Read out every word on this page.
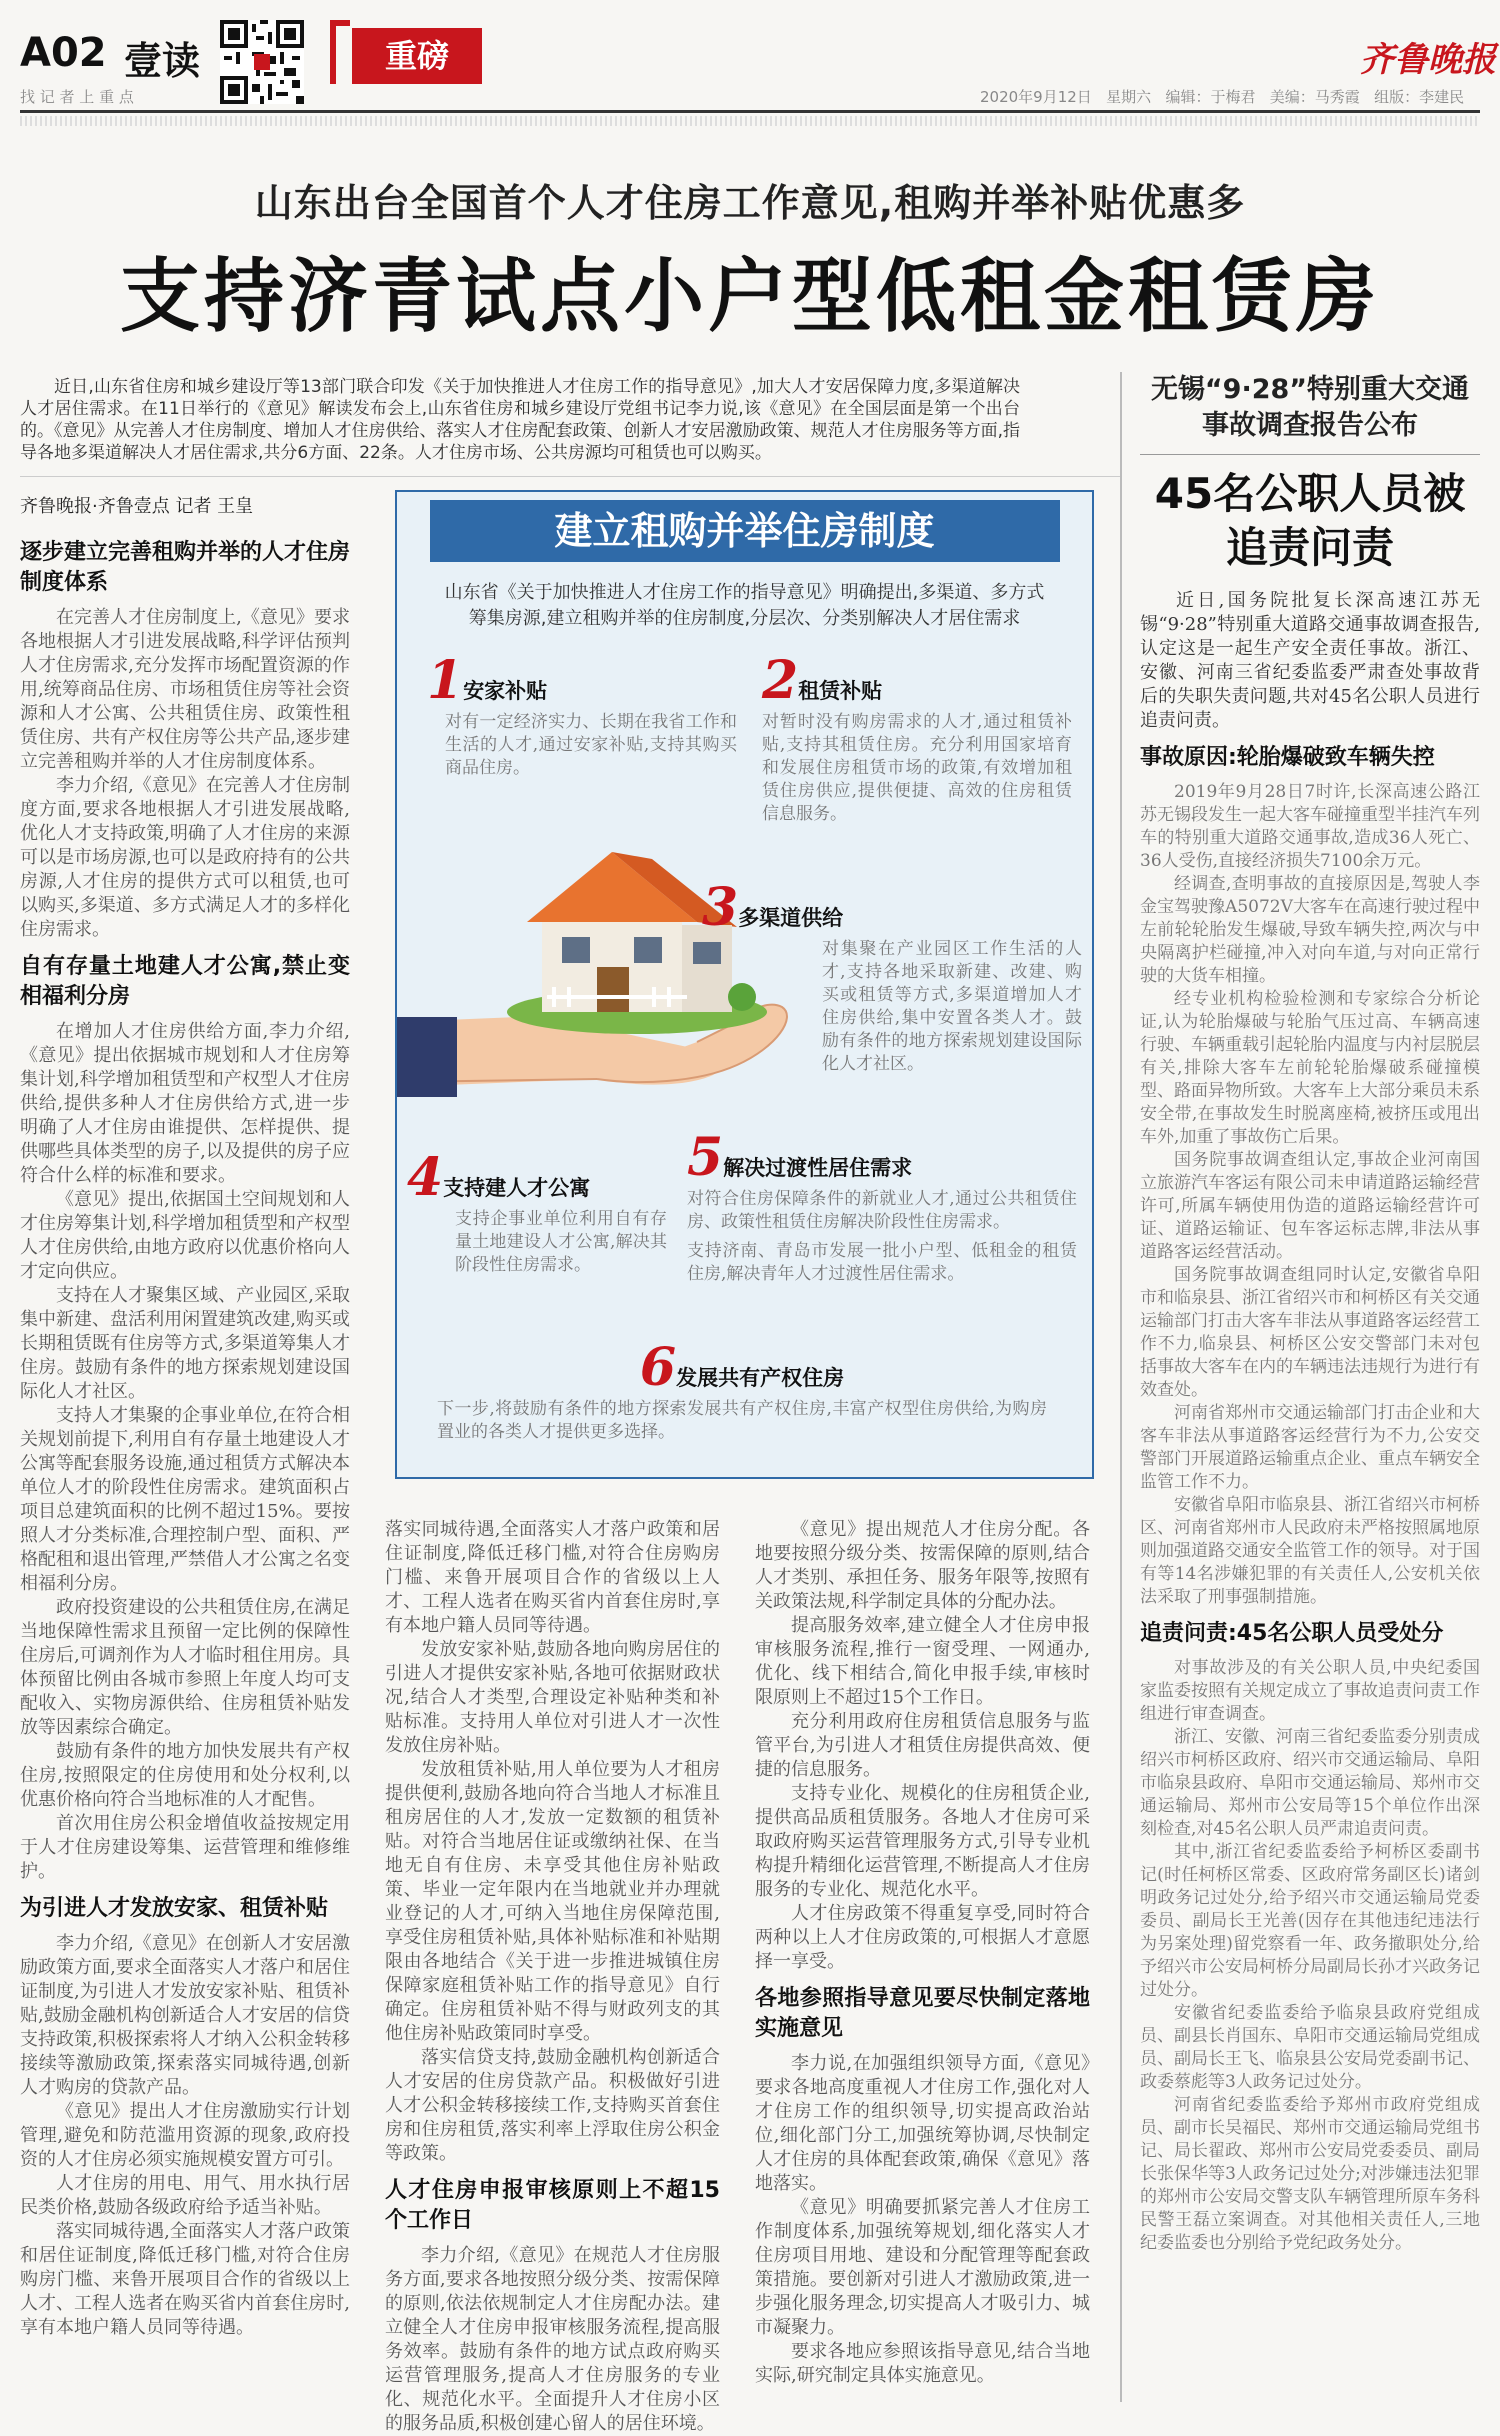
A02 壹读
找 记 者 上 重 点
重磅	齐鲁晚报
2020年9月12日 星期六 编辑：于梅君 美编：马秀霞 组版：李建民
山东出台全国首个人才住房工作意见,租购并举补贴优惠多
支持济青试点小户型低租金租赁房

近日,山东省住房和城乡建设厅等13部门联合印发《关于加快推进人才住房工作的指导意见》,加大人才安居保障力度,多渠道解决人才居住需求。在11日举行的《意见》解读发布会上,山东省住房和城乡建设厅党组书记李力说,该《意见》在全国层面是第一个出台的。《意见》从完善人才住房制度、增加人才住房供给、落实人才住房配套政策、创新人才安居激励政策、规范人才住房服务等方面,指导各地多渠道解决人才居住需求,共分6方面、22条。人才住房市场、公共房源均可租赁也可以购买。

齐鲁晚报·齐鲁壹点 记者 王皇
逐步建立完善租购并举的人才住房制度体系

在完善人才住房制度上,《意见》要求各地根据人才引进发展战略,科学评估预判人才住房需求,充分发挥市场配置资源的作用,统筹商品住房、市场租赁住房等社会资源和人才公寓、公共租赁住房、政策性租赁住房、共有产权住房等公共产品,逐步建立完善租购并举的人才住房制度体系。

李力介绍,《意见》在完善人才住房制度方面,要求各地根据人才引进发展战略,优化人才支持政策,明确了人才住房的来源可以是市场房源,也可以是政府持有的公共房源,人才住房的提供方式可以租赁,也可以购买,多渠道、多方式满足人才的多样化住房需求。

自有存量土地建人才公寓,禁止变相福利分房

在增加人才住房供给方面,李力介绍,《意见》提出依据城市规划和人才住房筹集计划,科学增加租赁型和产权型人才住房供给,提供多种人才住房供给方式,进一步明确了人才住房由谁提供、怎样提供、提供哪些具体类型的房子,以及提供的房子应符合什么样的标准和要求。

《意见》提出,依据国土空间规划和人才住房筹集计划,科学增加租赁型和产权型人才住房供给,由地方政府以优惠价格向人才定向供应。

支持在人才聚集区域、产业园区,采取集中新建、盘活利用闲置建筑改建,购买或长期租赁既有住房等方式,多渠道筹集人才住房。鼓励有条件的地方探索规划建设国际化人才社区。

支持人才集聚的企事业单位,在符合相关规划前提下,利用自有存量土地建设人才公寓等配套服务设施,通过租赁方式解决本单位人才的阶段性住房需求。建筑面积占项目总建筑面积的比例不超过15%。要按照人才分类标准,合理控制户型、面积、严格配租和退出管理,严禁借人才公寓之名变相福利分房。

政府投资建设的公共租赁住房,在满足当地保障性需求且预留一定比例的保障性住房后,可调剂作为人才临时租住用房。具体预留比例由各城市参照上年度人均可支配收入、实物房源供给、住房租赁补贴发放等因素综合确定。

鼓励有条件的地方加快发展共有产权住房,按照限定的住房使用和处分权利,以优惠价格向符合当地标准的人才配售。

首次用住房公积金增值收益按规定用于人才住房建设筹集、运营管理和维修维护。

为引进人才发放安家、租赁补贴

李力介绍,《意见》在创新人才安居激励政策方面,要求全面落实人才落户和居住证制度,为引进人才发放安家补贴、租赁补贴,鼓励金融机构创新适合人才安居的信贷支持政策,积极探索将人才纳入公积金转移接续等激励政策,探索落实同城待遇,创新人才购房的贷款产品。

《意见》提出人才住房激励实行计划管理,避免和防范滥用资源的现象,政府投资的人才住房必须实施规模安置方可引。

人才住房的用电、用气、用水执行居民类价格,鼓励各级政府给予适当补贴。

落实同城待遇,全面落实人才落户政策和居住证制度,降低迁移门槛,对符合住房购房门槛、来鲁开展项目合作的省级以上人才、工程人选者在购买省内首套住房时,享有本地户籍人员同等待遇。

建立租购并举住房制度
山东省《关于加快推进人才住房工作的指导意见》明确提出,多渠道、多方式筹集房源,建立租购并举的住房制度,分层次、分类别解决人才居住需求
1安家补贴
对有一定经济实力、长期在我省工作和生活的人才,通过安家补贴,支持其购买商品住房。
2租赁补贴
对暂时没有购房需求的人才,通过租赁补贴,支持其租赁住房。充分利用国家培育和发展住房租赁市场的政策,有效增加租赁住房供应,提供便捷、高效的住房租赁信息服务。
3多渠道供给
对集聚在产业园区工作生活的人才,支持各地采取新建、改建、购买或租赁等方式,多渠道增加人才住房供给,集中安置各类人才。鼓励有条件的地方探索规划建设国际化人才社区。
4支持建人才公寓
支持企事业单位利用自有存量土地建设人才公寓,解决其阶段性住房需求。
5解决过渡性居住需求
对符合住房保障条件的新就业人才,通过公共租赁住房、政策性租赁住房解决阶段性住房需求。
支持济南、青岛市发展一批小户型、低租金的租赁住房,解决青年人才过渡性居住需求。
6发展共有产权住房
下一步,将鼓励有条件的地方探索发展共有产权住房,丰富产权型住房供给,为购房置业的各类人才提供更多选择。

落实同城待遇,全面落实人才落户政策和居住证制度,降低迁移门槛,对符合住房购房门槛、来鲁开展项目合作的省级以上人才、工程人选者在购买省内首套住房时,享有本地户籍人员同等待遇。

发放安家补贴,鼓励各地向购房居住的引进人才提供安家补贴,各地可依据财政状况,结合人才类型,合理设定补贴种类和补贴标准。支持用人单位对引进人才一次性发放住房补贴。

发放租赁补贴,用人单位要为人才租房提供便利,鼓励各地向符合当地人才标准且租房居住的人才,发放一定数额的租赁补贴。对符合当地居住证或缴纳社保、在当地无自有住房、未享受其他住房补贴政策、毕业一定年限内在当地就业并办理就业登记的人才,可纳入当地住房保障范围,享受住房租赁补贴,具体补贴标准和补贴期限由各地结合《关于进一步推进城镇住房保障家庭租赁补贴工作的指导意见》自行确定。住房租赁补贴不得与财政列支的其他住房补贴政策同时享受。

落实信贷支持,鼓励金融机构创新适合人才安居的住房贷款产品。积极做好引进人才公积金转移接续工作,支持购买首套住房和住房租赁,落实利率上浮取住房公积金等政策。

人才住房申报审核原则上不超15个工作日

李力介绍,《意见》在规范人才住房服务方面,要求各地按照分级分类、按需保障的原则,依法依规制定人才住房配办法。建立健全人才住房申报审核服务流程,提高服务效率。鼓励有条件的地方试点政府购买运营管理服务,提高人才住房服务的专业化、规范化水平。全面提升人才住房小区的服务品质,积极创建心留人的居住环境。

《意见》提出规范人才住房分配。各地要按照分级分类、按需保障的原则,结合人才类别、承担任务、服务年限等,按照有关政策法规,科学制定具体的分配办法。

提高服务效率,建立健全人才住房申报审核服务流程,推行一窗受理、一网通办,优化、线下相结合,简化申报手续,审核时限原则上不超过15个工作日。

充分利用政府住房租赁信息服务与监管平台,为引进人才租赁住房提供高效、便捷的信息服务。

支持专业化、规模化的住房租赁企业,提供高品质租赁服务。各地人才住房可采取政府购买运营管理服务方式,引导专业机构提升精细化运营管理,不断提高人才住房服务的专业化、规范化水平。

人才住房政策不得重复享受,同时符合两种以上人才住房政策的,可根据人才意愿择一享受。

各地参照指导意见要尽快制定落地实施意见

李力说,在加强组织领导方面,《意见》要求各地高度重视人才住房工作,强化对人才住房工作的组织领导,切实提高政治站位,细化部门分工,加强统筹协调,尽快制定人才住房的具体配套政策,确保《意见》落地落实。

《意见》明确要抓紧完善人才住房工作制度体系,加强统筹规划,细化落实人才住房项目用地、建设和分配管理等配套政策措施。要创新对引进人才激励政策,进一步强化服务理念,切实提高人才吸引力、城市凝聚力。

要求各地应参照该指导意见,结合当地实际,研究制定具体实施意见。

无锡“9·28”特别重大交通事故调查报告公布
45名公职人员被追责问责

近日,国务院批复长深高速江苏无锡“9·28”特别重大道路交通事故调查报告,认定这是一起生产安全责任事故。浙江、安徽、河南三省纪委监委严肃查处事故背后的失职失责问题,共对45名公职人员进行追责问责。

事故原因:轮胎爆破致车辆失控

2019年9月28日7时许,长深高速公路江苏无锡段发生一起大客车碰撞重型半挂汽车列车的特别重大道路交通事故,造成36人死亡、36人受伤,直接经济损失7100余万元。

经调查,查明事故的直接原因是,驾驶人李金宝驾驶豫A5072V大客车在高速行驶过程中左前轮轮胎发生爆破,导致车辆失控,两次与中央隔离护栏碰撞,冲入对向车道,与对向正常行驶的大货车相撞。

经专业机构检验检测和专家综合分析论证,认为轮胎爆破与轮胎气压过高、车辆高速行驶、车辆重载引起轮胎内温度与内衬层脱层有关,排除大客车左前轮轮胎爆破系碰撞模型、路面异物所致。大客车上大部分乘员未系安全带,在事故发生时脱离座椅,被挤压或甩出车外,加重了事故伤亡后果。

国务院事故调查组认定,事故企业河南国立旅游汽车客运有限公司未申请道路运输经营许可,所属车辆使用伪造的道路运输经营许可证、道路运输证、包车客运标志牌,非法从事道路客运经营活动。

国务院事故调查组同时认定,安徽省阜阳市和临泉县、浙江省绍兴市和柯桥区有关交通运输部门打击大客车非法从事道路客运经营工作不力,临泉县、柯桥区公安交警部门未对包括事故大客车在内的车辆违法违规行为进行有效查处。

河南省郑州市交通运输部门打击企业和大客车非法从事道路客运经营行为不力,公安交警部门开展道路运输重点企业、重点车辆安全监管工作不力。

安徽省阜阳市临泉县、浙江省绍兴市柯桥区、河南省郑州市人民政府未严格按照属地原则加强道路交通安全监管工作的领导。对于国有等14名涉嫌犯罪的有关责任人,公安机关依法采取了刑事强制措施。

追责问责:45名公职人员受处分

对事故涉及的有关公职人员,中央纪委国家监委按照有关规定成立了事故追责问责工作组进行审查调查。

浙江、安徽、河南三省纪委监委分别责成绍兴市柯桥区政府、绍兴市交通运输局、阜阳市临泉县政府、阜阳市交通运输局、郑州市交通运输局、郑州市公安局等15个单位作出深刻检查,对45名公职人员严肃追责问责。

其中,浙江省纪委监委给予柯桥区委副书记(时任柯桥区常委、区政府常务副区长)诸剑明政务记过处分,给予绍兴市交通运输局党委委员、副局长王光善(因存在其他违纪违法行为另案处理)留党察看一年、政务撤职处分,给予绍兴市公安局柯桥分局副局长孙才兴政务记过处分。

安徽省纪委监委给予临泉县政府党组成员、副县长肖国东、阜阳市交通运输局党组成员、副局长王飞、临泉县公安局党委副书记、政委蔡彪等3人政务记过处分。

河南省纪委监委给予郑州市政府党组成员、副市长吴福民、郑州市交通运输局党组书记、局长翟政、郑州市公安局党委委员、副局长张保华等3人政务记过处分;对涉嫌违法犯罪的郑州市公安局交警支队车辆管理所原车务科民警王磊立案调查。对其他相关责任人,三地纪委监委也分别给予党纪政务处分。
